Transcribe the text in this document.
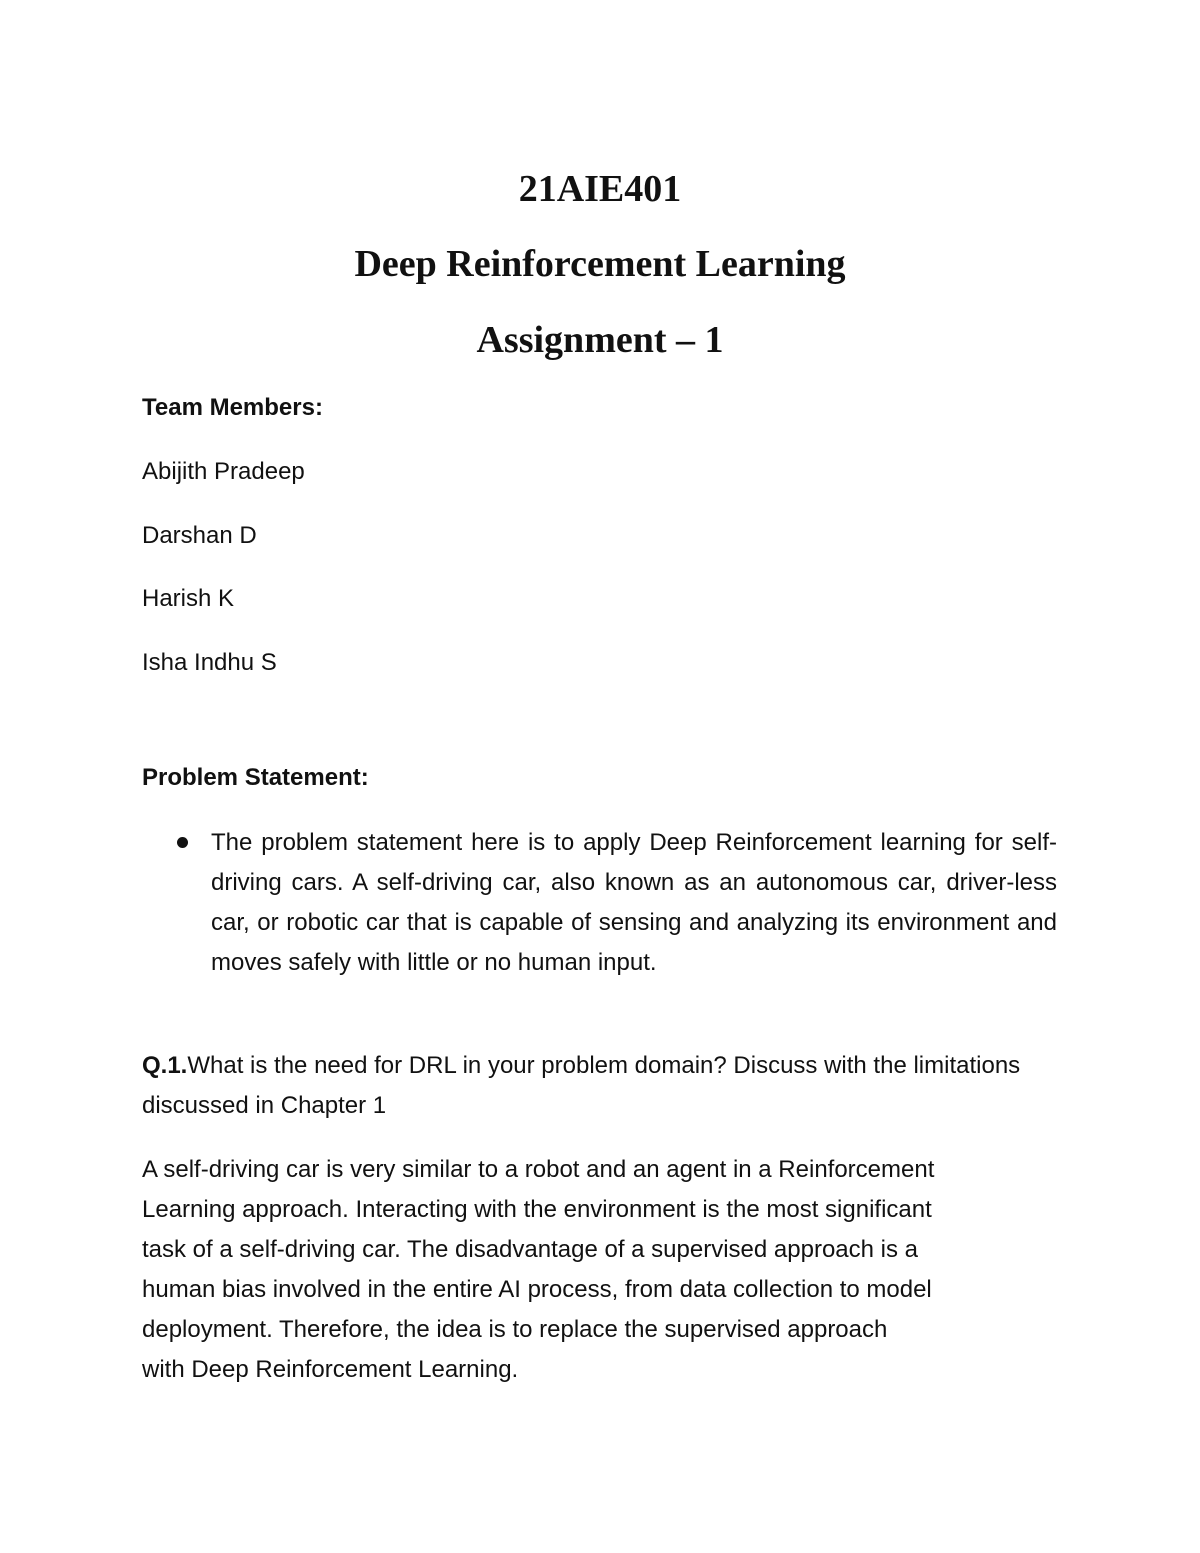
21AIE401
Deep Reinforcement Learning
Assignment – 1
Team Members:
Abijith Pradeep
Darshan D
Harish K
Isha Indhu S
Problem Statement:
The problem statement here is to apply Deep Reinforcement learning for self-driving cars. A self-driving car, also known as an autonomous car, driver-less car, or robotic car that is capable of sensing and analyzing its environment and moves safely with little or no human input.
Q.1.What is the need for DRL in your problem domain? Discuss with the limitations discussed in Chapter 1
A self-driving car is very similar to a robot and an agent in a Reinforcement
Learning approach. Interacting with the environment is the most significant
task of a self-driving car. The disadvantage of a supervised approach is a
human bias involved in the entire AI process, from data collection to model
deployment. Therefore, the idea is to replace the supervised approach
with Deep Reinforcement Learning.
